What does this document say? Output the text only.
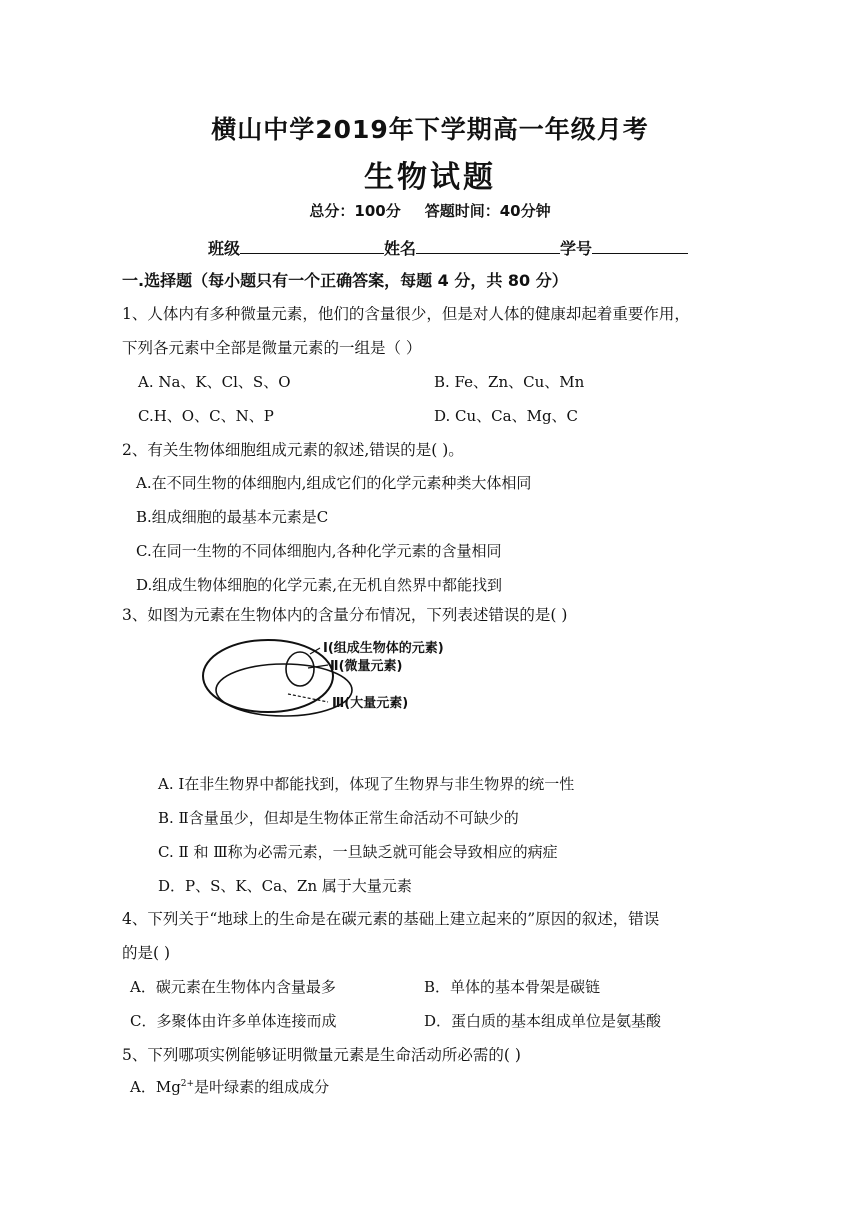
横山中学2019年下学期高一年级月考
生物试题
总分：100分 答题时间：40分钟
班级	姓名	学号
一.选择题（每小题只有一个正确答案，每题 4 分，共 80 分）
1、人体内有多种微量元素，他们的含量很少，但是对人体的健康却起着重要作用，
下列各元素中全部是微量元素的一组是（ ）
A. Na、K、Cl、S、O	B. Fe、Zn、Cu、Mn
C.H、O、C、N、P	D. Cu、Ca、Mg、C
2、有关生物体细胞组成元素的叙述,错误的是( )。
A.在不同生物的体细胞内,组成它们的化学元素种类大体相同
B.组成细胞的最基本元素是C
C.在同一生物的不同体细胞内,各种化学元素的含量相同
D.组成生物体细胞的化学元素,在无机自然界中都能找到
3、如图为元素在生物体内的含量分布情况，下列表述错误的是( )
Ⅰ(组成生物体的元素)
Ⅱ(微量元素)
Ⅲ(大量元素)
A. Ⅰ在非生物界中都能找到，体现了生物界与非生物界的统一性
B. Ⅱ含量虽少，但却是生物体正常生命活动不可缺少的
C. Ⅱ 和 Ⅲ称为必需元素，一旦缺乏就可能会导致相应的病症
D．P、S、K、Ca、Zn 属于大量元素
4、下列关于“地球上的生命是在碳元素的基础上建立起来的”原因的叙述，错误
的是( )
A．碳元素在生物体内含量最多	B．单体的基本骨架是碳链
C．多聚体由许多单体连接而成	D．蛋白质的基本组成单位是氨基酸
5、下列哪项实例能够证明微量元素是生命活动所必需的( )
A．$Mg^{2+}$是叶绿素的组成成分
